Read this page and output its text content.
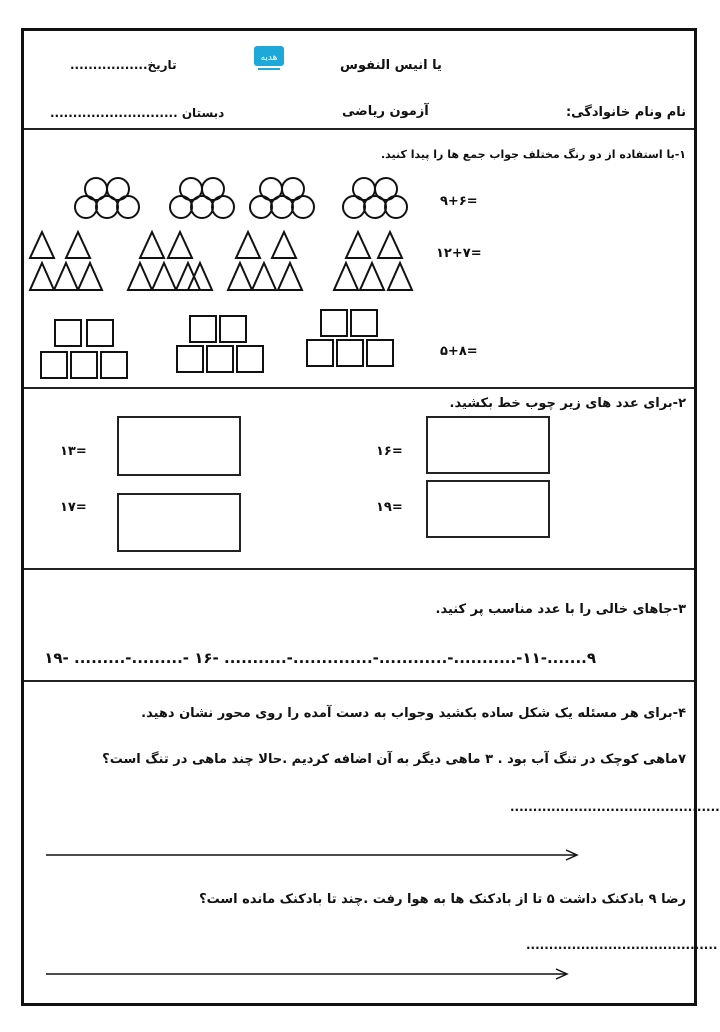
یا انیس النفوس
تاریخ.................	هدیه
نام ونام خانوادگی:
آزمون ریاضی
دبستان ............................
۱-با استفاده از دو رنگ مختلف جواب جمع ها را پیدا کنید.
۹+۶=
۱۲+۷=
۵+۸=
۲-برای عدد های زیر چوب خط بکشید.
۱۶=
۱۳=
۱۹=
۱۷=
۳-جاهای خالی را با عدد مناسب پر کنید.
۱۹- .........-.........- ۱۶- ...........-..............-............-...........-۱۱-.......۹
۴-برای هر مسئله یک شکل ساده بکشید وجواب به دست آمده را روی محور نشان دهید.
۷ماهی کوچک در تنگ آب بود . ۳ ماهی دیگر به آن اضافه کردیم .حالا چند ماهی در تنگ است؟
..............................................
رضا ۹ بادکنک داشت ۵ تا از بادکنک ها به هوا رفت .چند تا بادکنک مانده است؟
..........................................
